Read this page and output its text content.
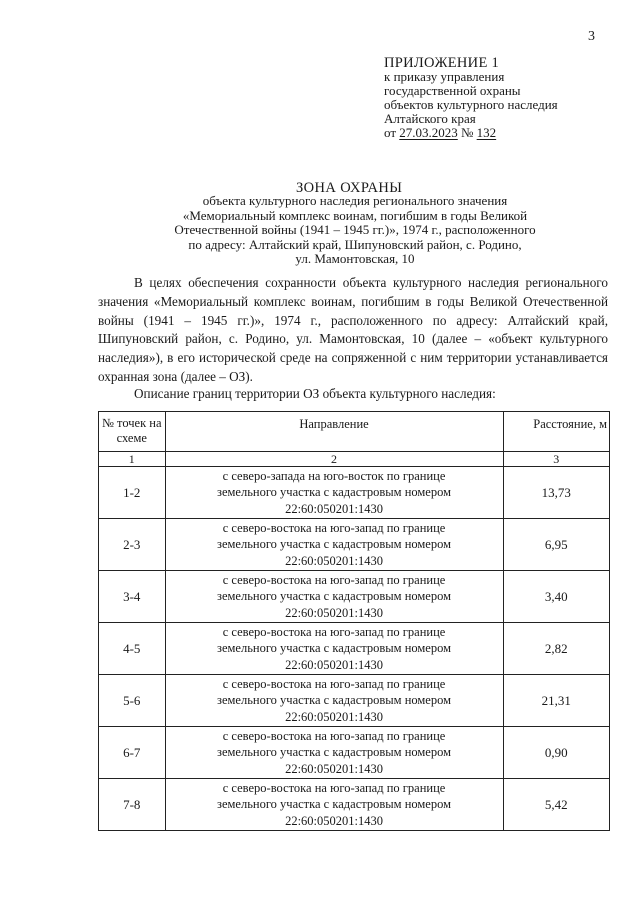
3
ПРИЛОЖЕНИЕ 1
к приказу управления
государственной охраны
объектов культурного наследия
Алтайского края
от 27.03.2023 № 132
ЗОНА ОХРАНЫ
объекта культурного наследия регионального значения
«Мемориальный комплекс воинам, погибшим в годы Великой
Отечественной войны (1941 – 1945 гг.)», 1974 г., расположенного
по адресу: Алтайский край, Шипуновский район, с. Родино,
ул. Мамонтовская, 10
В целях обеспечения сохранности объекта культурного наследия регионального значения «Мемориальный комплекс воинам, погибшим в годы Великой Отечественной войны (1941 – 1945 гг.)», 1974 г., расположенного по адресу: Алтайский край, Шипуновский район, с. Родино, ул. Мамонтовская, 10 (далее – «объект культурного наследия»), в его исторической среде на сопряженной с ним территории устанавливается охранная зона (далее – ОЗ).
Описание границ территории ОЗ объекта культурного наследия:
№ точек на схеме	Направление	Расстояние, м
1	2	3
1-2	с северо-запада на юго-восток по границе
земельного участка с кадастровым номером
22:60:050201:1430	13,73
2-3	с северо-востока на юго-запад по границе
земельного участка с кадастровым номером
22:60:050201:1430	6,95
3-4	с северо-востока на юго-запад по границе
земельного участка с кадастровым номером
22:60:050201:1430	3,40
4-5	с северо-востока на юго-запад по границе
земельного участка с кадастровым номером
22:60:050201:1430	2,82
5-6	с северо-востока на юго-запад по границе
земельного участка с кадастровым номером
22:60:050201:1430	21,31
6-7	с северо-востока на юго-запад по границе
земельного участка с кадастровым номером
22:60:050201:1430	0,90
7-8	с северо-востока на юго-запад по границе
земельного участка с кадастровым номером
22:60:050201:1430	5,42
